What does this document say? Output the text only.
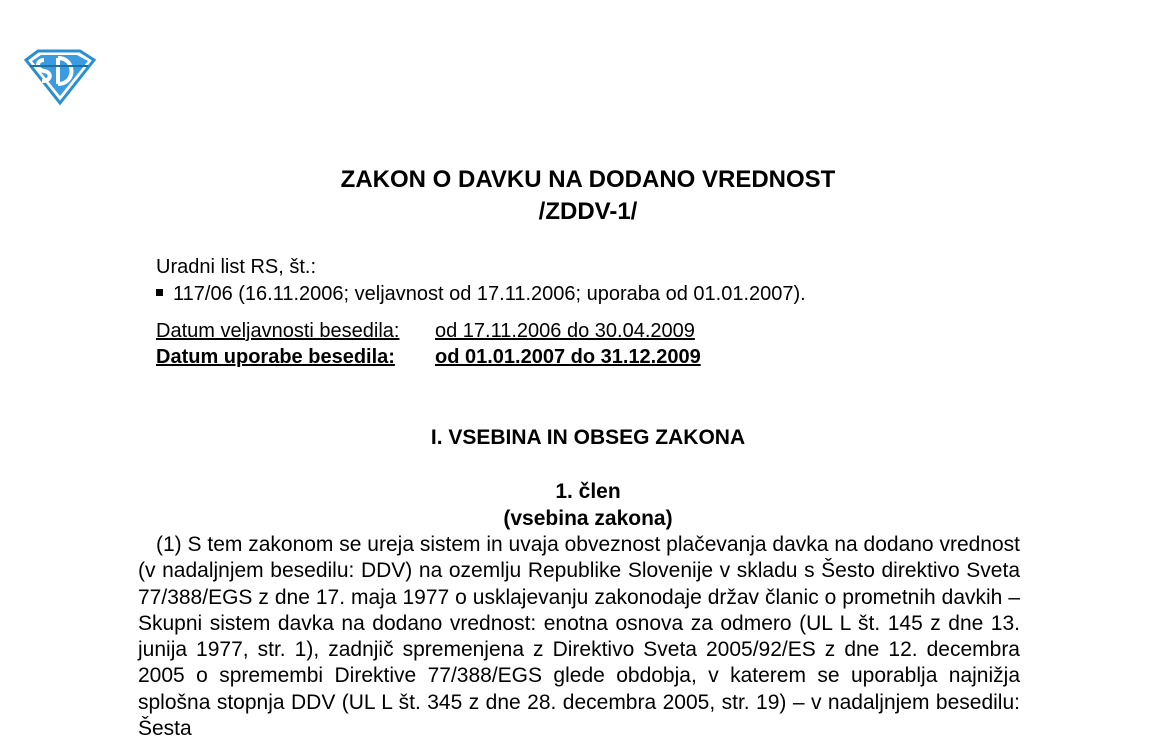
ZAKON O DAVKU NA DODANO VREDNOST
/ZDDV-1/
Uradni list RS, št.:
117/06 (16.11.2006; veljavnost od 17.11.2006; uporaba od 01.01.2007).
Datum veljavnosti besedila: od 17.11.2006 do 30.04.2009
Datum uporabe besedila: od 01.01.2007 do 31.12.2009
I. VSEBINA IN OBSEG ZAKONA
1. člen
(vsebina zakona)
(1) S tem zakonom se ureja sistem in uvaja obveznost plačevanja davka na dodano vrednost (v nadaljnjem besedilu: DDV) na ozemlju Republike Slovenije v skladu s Šesto direktivo Sveta 77/388/EGS z dne 17. maja 1977 o usklajevanju zakonodaje držav članic o prometnih davkih – Skupni sistem davka na dodano vrednost: enotna osnova za odmero (UL L št. 145 z dne 13. junija 1977, str. 1), zadnjič spremenjena z Direktivo Sveta 2005/92/ES z dne 12. decembra 2005 o spremembi Direktive 77/388/EGS glede obdobja, v katerem se uporablja najnižja splošna stopnja DDV (UL L št. 345 z dne 28. decembra 2005, str. 19) – v nadaljnjem besedilu: Šesta
